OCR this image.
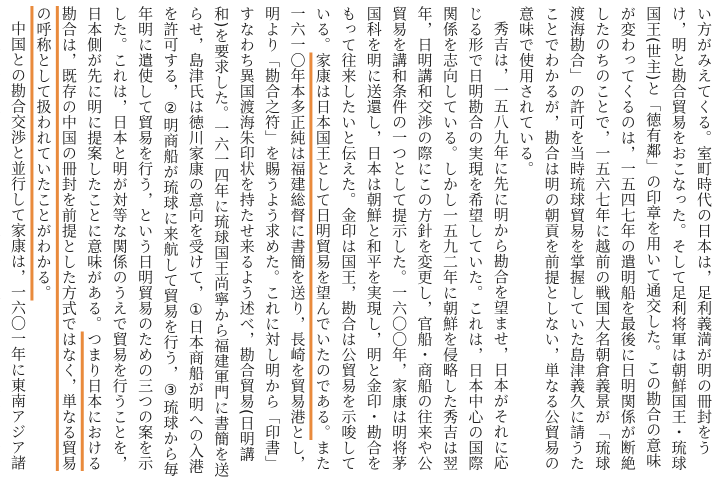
い方がみえてくる。室町時代の日本は，足利義満が明の冊封をうけ，明と勘合貿易をおこなった。そして足利将軍は朝鮮国王・琉球国王(世主)と「徳有鄰」の印章を用いて通交した。この勘合の意味が変わってくるのは，一五四七年の遣明船を最後に日明関係が断絶したのちのことで，一五六七年に越前の戦国大名朝倉義景が「琉球渡海勘合」の許可を当時琉球貿易を掌握していた島津義久に請うたことでわかるが，勘合は明の朝貢を前提としない，単なる公貿易の意味で使用されている。

秀吉は，一五八九年に先に明から勘合を望ませ，日本がそれに応じる形で日明勘合の実現を希望していた。これは，日本中心の国際関係を志向している。しかし一五九二年に朝鮮を侵略した秀吉は翌年，日明講和交渉の際にこの方針を変更し，官船・商船の往来や公貿易を講和条件の一つとして提示した。一六〇〇年，家康は明将茅国科を明に送還し，日本は朝鮮と和平を実現し，明と金印・勘合をもって往来したいと伝えた。金印は国王，勘合は公貿易を示唆している。家康は日本国王として日明貿易を望んでいたのである。また一六一〇年本多正純は福建総督に書簡を送り，長崎を貿易港とし，明より「勘合之符」を賜うよう求めた。これに対し明から「印書」すなわち異国渡海朱印状を持たせ来るよう述べ，勘合貿易(日明講和)を要求した。一六一四年に琉球国王尚寧から福建軍門に書簡を送らせ，島津氏は徳川家康の意向を受けて，①日本商船が明への入港を許可する，②明商船が琉球に来航して貿易を行う，③琉球から毎年明に遣使して貿易を行う，という日明貿易のための三つの案を示した。これは，日本と明が対等な関係のうえで貿易を行うことを，日本側が先に明に提案したことに意味がある。つまり日本における勘合は，既存の中国の冊封を前提とした方式ではなく，単なる貿易の呼称として扱われていたことがわかる。

中国との勘合交渉と並行して家康は，一六〇一年に東南アジア諸
